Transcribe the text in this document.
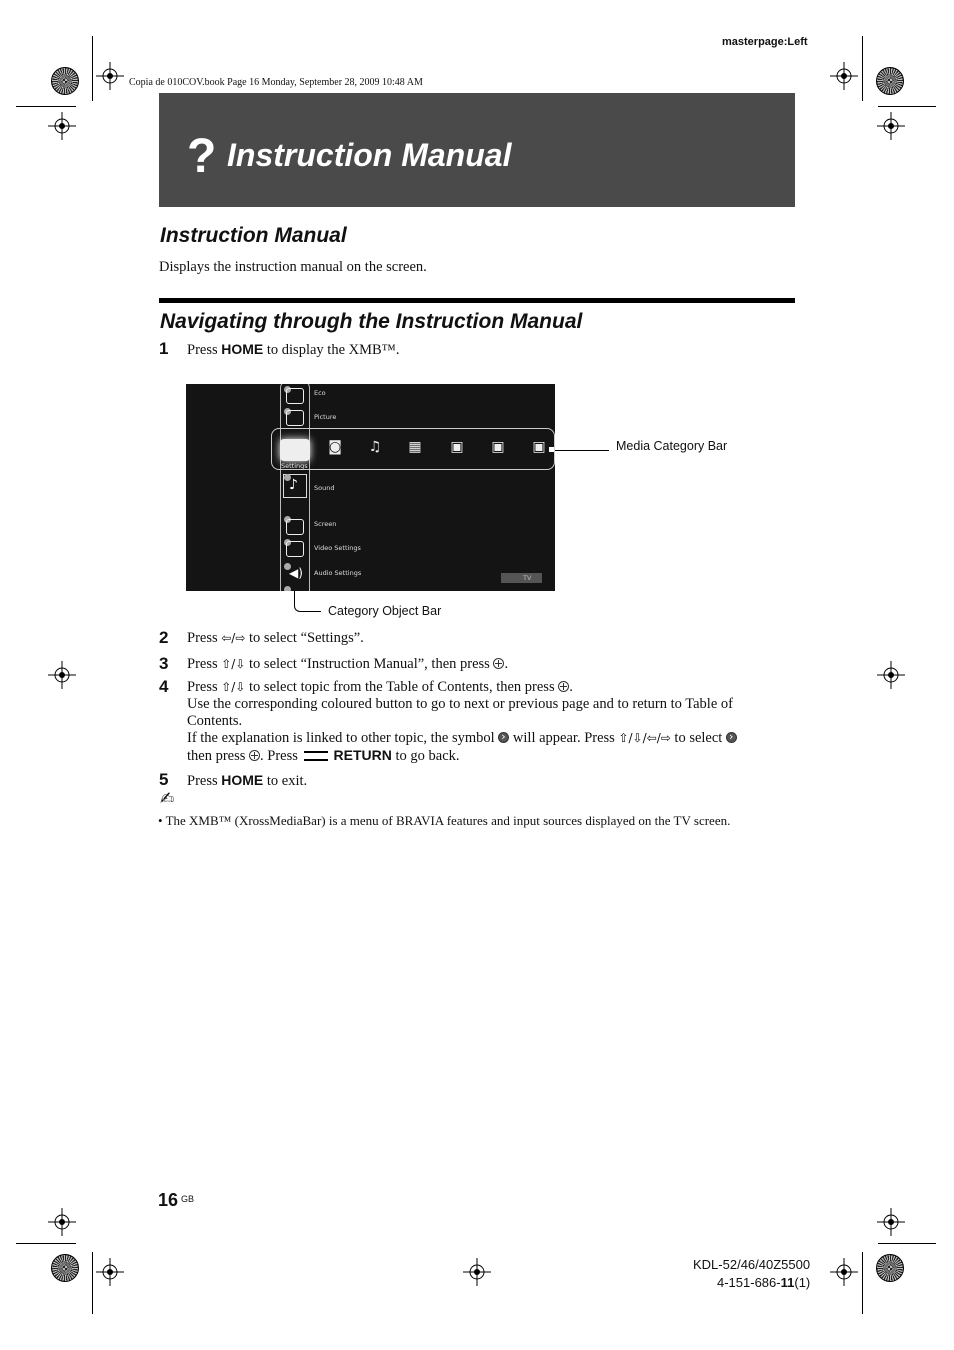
masterpage:Left
Copia de 010COV.book Page 16 Monday, September 28, 2009 10:48 AM
? Instruction Manual
Instruction Manual
Displays the instruction manual on the screen.
Navigating through the Instruction Manual
1 Press HOME to display the XMB™.
Eco
Picture
Settings
◙ ♫ ▦ ▣ ▣ ▣
♪ Sound
Screen
Video Settings
◀) Audio Settings
TV
Media Category Bar
Category Object Bar
2 Press ⇦/⇨ to select “Settings”.
3 Press ⇧/⇩ to select “Instruction Manual”, then press .
4 Press ⇧/⇩ to select topic from the Table of Contents, then press .
Use the corresponding coloured button to go to next or previous page and to return to Table of
Contents.
If the explanation is linked to other topic, the symbol › will appear. Press ⇧/⇩/⇦/⇨ to select ›
then press . Press RETURN to go back.
5 Press HOME to exit.
✍
• The XMB™ (XrossMediaBar) is a menu of BRAVIA features and input sources displayed on the TV screen.
16 $^{GB}$
KDL-52/46/40Z5500
4-151-686-11(1)
